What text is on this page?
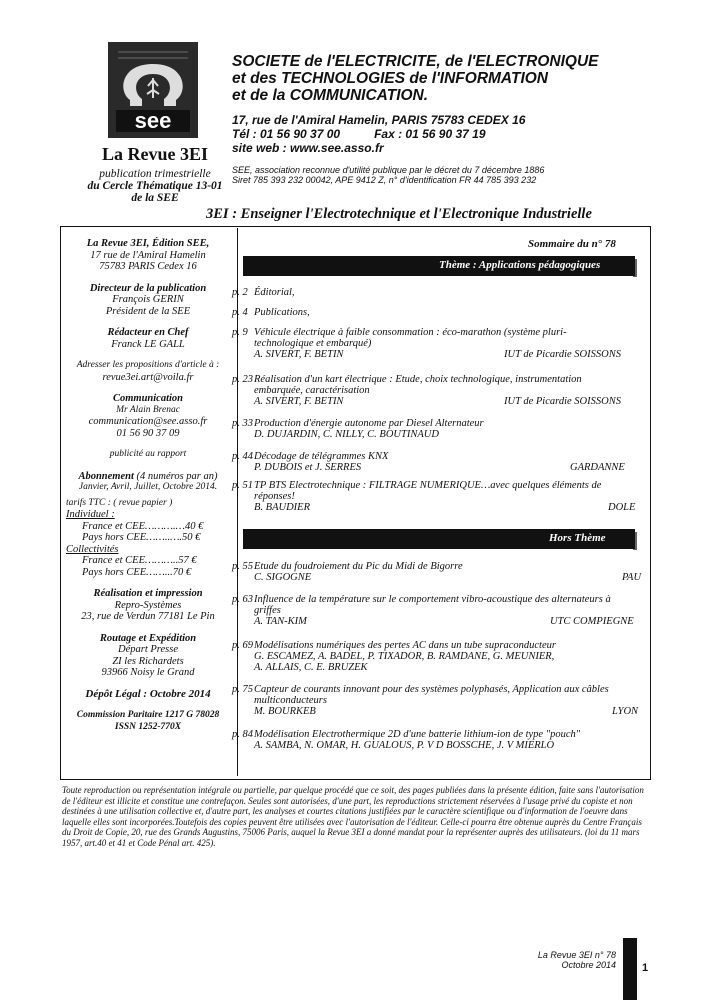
see
La Revue 3EI
publication trimestrielle
du Cercle Thématique 13-01
de la SEE
SOCIETE de l'ELECTRICITE, de l'ELECTRONIQUE
et des TECHNOLOGIES de l'INFORMATION
et de la COMMUNICATION.
17, rue de l'Amiral Hamelin, PARIS 75783 CEDEX 16
Tél : 01 56 90 37 00	Fax : 01 56 90 37 19
site web : www.see.asso.fr
SEE, association reconnue d'utilité publique par le décret du 7 décembre 1886
Siret 785 393 232 00042, APE 9412 Z, n° d'identification FR 44 785 393 232
3EI : Enseigner l'Electrotechnique et l'Electronique Industrielle
La Revue 3EI, Édition SEE,
17 rue de l'Amiral Hamelin
75783 PARIS Cedex 16
Directeur de la publication
François GERIN
Président de la SEE
Rédacteur en Chef
Franck LE GALL
Adresser les propositions d'article à :
revue3ei.art@voila.fr
Communication
Mr Alain Brenac
communication@see.asso.fr
01 56 90 37 09
publicité au rapport
Abonnement (4 numéros par an)
Janvier, Avril, Juillet, Octobre 2014.
tarifs TTC : ( revue papier )
Individuel :
France et CEE……….…40 €
Pays hors CEE……..….50 €
Collectivités
France et CEE………..57 €
Pays hors CEE……...70 €
Réalisation et impression
Repro-Systèmes
23, rue de Verdun 77181 Le Pin
Routage et Expédition
Départ Presse
ZI les Richardets
93966 Noisy le Grand
Dépôt Légal : Octobre 2014
Commission Paritaire 1217 G 78028
ISSN 1252-770X
Sommaire du n° 78
Thème : Applications pédagogiques
Hors Thème
p. 2 Éditorial,
p. 4 Publications,
p. 9 Véhicule électrique à faible consommation : éco-marathon (système pluri-
technologique et embarqué)
A. SIVERT, F. BETIN	IUT de Picardie SOISSONS
p. 23 Réalisation d'un kart électrique : Etude, choix technologique, instrumentation
embarquée, caractérisation
A. SIVERT, F. BETIN	IUT de Picardie SOISSONS
p. 33 Production d'énergie autonome par Diesel Alternateur
D. DUJARDIN, C. NILLY, C. BOUTINAUD
p. 44 Décodage de télégrammes KNX
P. DUBOIS et J. SERRES	GARDANNE
p. 51 TP BTS Electrotechnique : FILTRAGE NUMERIQUE…avec quelques éléments de
réponses!
B. BAUDIER	DOLE
p. 55 Etude du foudroiement du Pic du Midi de Bigorre
C. SIGOGNE	PAU
p. 63 Influence de la température sur le comportement vibro-acoustique des alternateurs à
griffes
A. TAN-KIM	UTC COMPIEGNE
p. 69 Modélisations numériques des pertes AC dans un tube supraconducteur
G. ESCAMEZ, A. BADEL, P. TIXADOR, B. RAMDANE, G. MEUNIER,
A. ALLAIS, C. E. BRUZEK
p. 75 Capteur de courants innovant pour des systèmes polyphasés, Application aux câbles
multiconducteurs
M. BOURKEB	LYON
p. 84 Modélisation Electrothermique 2D d'une batterie lithium-ion de type "pouch"
A. SAMBA, N. OMAR, H. GUALOUS, P. V D BOSSCHE, J. V MIERLO
Toute reproduction ou représentation intégrale ou partielle, par quelque procédé que ce soit, des pages publiées dans la présente édition, faite sans l'autorisation de l'éditeur est illicite et constitue une contrefaçon. Seules sont autorisées, d'une part, les reproductions strictement réservées à l'usage privé du copiste et non destinées à une utilisation collective et, d'autre part, les analyses et courtes citations justifiées par le caractère scientifique ou d'information de l'oeuvre dans laquelle elles sont incorporées.Toutefois des copies peuvent être utilisées avec l'autorisation de l'éditeur. Celle-ci pourra être obtenue auprès du Centre Français du Droit de Copie, 20, rue des Grands Augustins, 75006 Paris, auquel la Revue 3EI a donné mandat pour la représenter auprès des utilisateurs. (loi du 11 mars 1957, art.40 et 41 et Code Pénal art. 425).
La Revue 3EI n° 78
Octobre 2014 1
